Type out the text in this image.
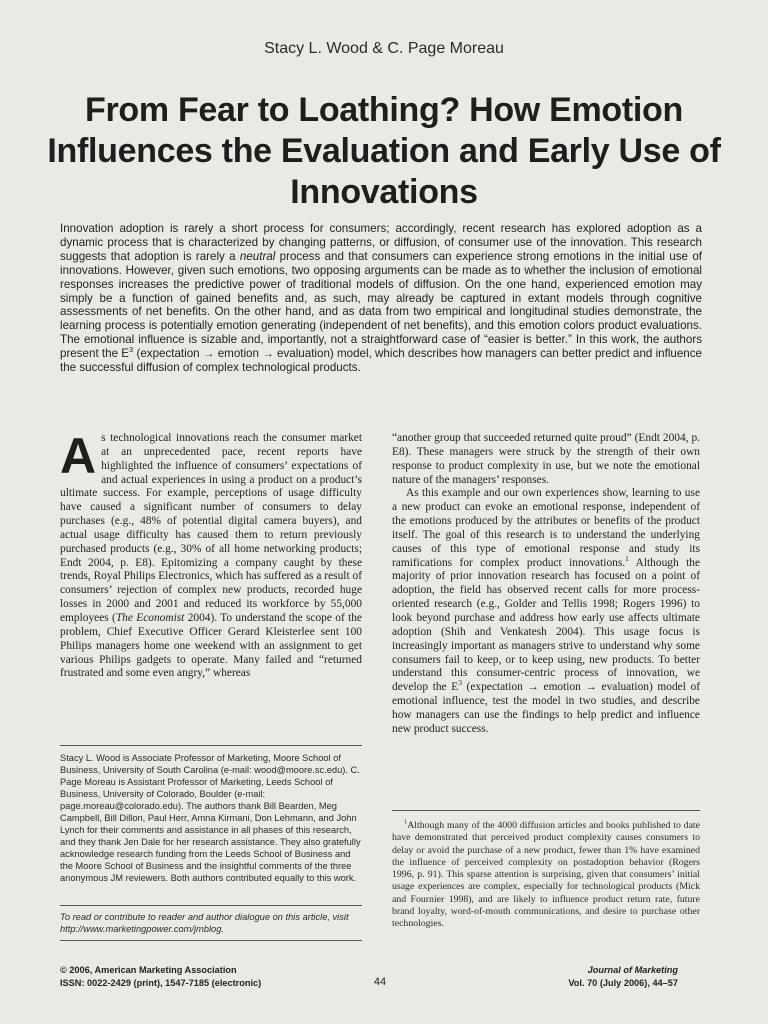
Stacy L. Wood & C. Page Moreau
From Fear to Loathing? How Emotion Influences the Evaluation and Early Use of Innovations

Innovation adoption is rarely a short process for consumers; accordingly, recent research has explored adoption as a dynamic process that is characterized by changing patterns, or diffusion, of consumer use of the innovation. This research suggests that adoption is rarely a neutral process and that consumers can experience strong emotions in the initial use of innovations. However, given such emotions, two opposing arguments can be made as to whether the inclusion of emotional responses increases the predictive power of traditional models of diffusion. On the one hand, experienced emotion may simply be a function of gained benefits and, as such, may already be captured in extant models through cognitive assessments of net benefits. On the other hand, and as data from two empirical and longitudinal studies demonstrate, the learning process is potentially emotion generating (independent of net benefits), and this emotion colors product evaluations. The emotional influence is sizable and, importantly, not a straightforward case of “easier is better.” In this work, the authors present the $E^3$ (expectation → emotion → evaluation) model, which describes how managers can better predict and influence the successful diffusion of complex technological products.

As technological innovations reach the consumer market at an unprecedented pace, recent reports have highlighted the influence of consumers’ expectations of and actual experiences in using a product on a product’s ultimate success. For example, perceptions of usage difficulty have caused a significant number of consumers to delay purchases (e.g., 48% of potential digital camera buyers), and actual usage difficulty has caused them to return previously purchased products (e.g., 30% of all home networking products; Endt 2004, p. E8). Epitomizing a company caught by these trends, Royal Philips Electronics, which has suffered as a result of consumers’ rejection of complex new products, recorded huge losses in 2000 and 2001 and reduced its workforce by 55,000 employees (The Economist 2004). To understand the scope of the problem, Chief Executive Officer Gerard Kleisterlee sent 100 Philips managers home one weekend with an assignment to get various Philips gadgets to operate. Many failed and “returned frustrated and some even angry,” whereas

“another group that succeeded returned quite proud” (Endt 2004, p. E8). These managers were struck by the strength of their own response to product complexity in use, but we note the emotional nature of the managers’ responses.

As this example and our own experiences show, learning to use a new product can evoke an emotional response, independent of the emotions produced by the attributes or benefits of the product itself. The goal of this research is to understand the underlying causes of this type of emotional response and study its ramifications for complex product innovations.$^1$ Although the majority of prior innovation research has focused on a point of adoption, the field has observed recent calls for more process-oriented research (e.g., Golder and Tellis 1998; Rogers 1996) to look beyond purchase and address how early use affects ultimate adoption (Shih and Venkatesh 2004). This usage focus is increasingly important as managers strive to understand why some consumers fail to keep, or to keep using, new products. To better understand this consumer-centric process of innovation, we develop the $E^3$ (expectation → emotion → evaluation) model of emotional influence, test the model in two studies, and describe how managers can use the findings to help predict and influence new product success.

Stacy L. Wood is Associate Professor of Marketing, Moore School of Business, University of South Carolina (e-mail: wood@moore.sc.edu). C. Page Moreau is Assistant Professor of Marketing, Leeds School of Business, University of Colorado, Boulder (e-mail: page.moreau@colorado.edu). The authors thank Bill Bearden, Meg Campbell, Bill Dillon, Paul Herr, Amna Kirmani, Don Lehmann, and John Lynch for their comments and assistance in all phases of this research, and they thank Jen Dale for her research assistance. They also gratefully acknowledge research funding from the Leeds School of Business and the Moore School of Business and the insightful comments of the three anonymous JM reviewers. Both authors contributed equally to this work.

To read or contribute to reader and author dialogue on this article, visit http://www.marketingpower.com/jmblog.

$^1$Although many of the 4000 diffusion articles and books published to date have demonstrated that perceived product complexity causes consumers to delay or avoid the purchase of a new product, fewer than 1% have examined the influence of perceived complexity on postadoption behavior (Rogers 1996, p. 91). This sparse attention is surprising, given that consumers’ initial usage experiences are complex, especially for technological products (Mick and Fournier 1998), and are likely to influence product return rate, future brand loyalty, word-of-mouth communications, and desire to purchase other technologies.

© 2006, American Marketing Association
ISSN: 0022-2429 (print), 1547-7185 (electronic)	44
Journal of Marketing
Vol. 70 (July 2006), 44–57
